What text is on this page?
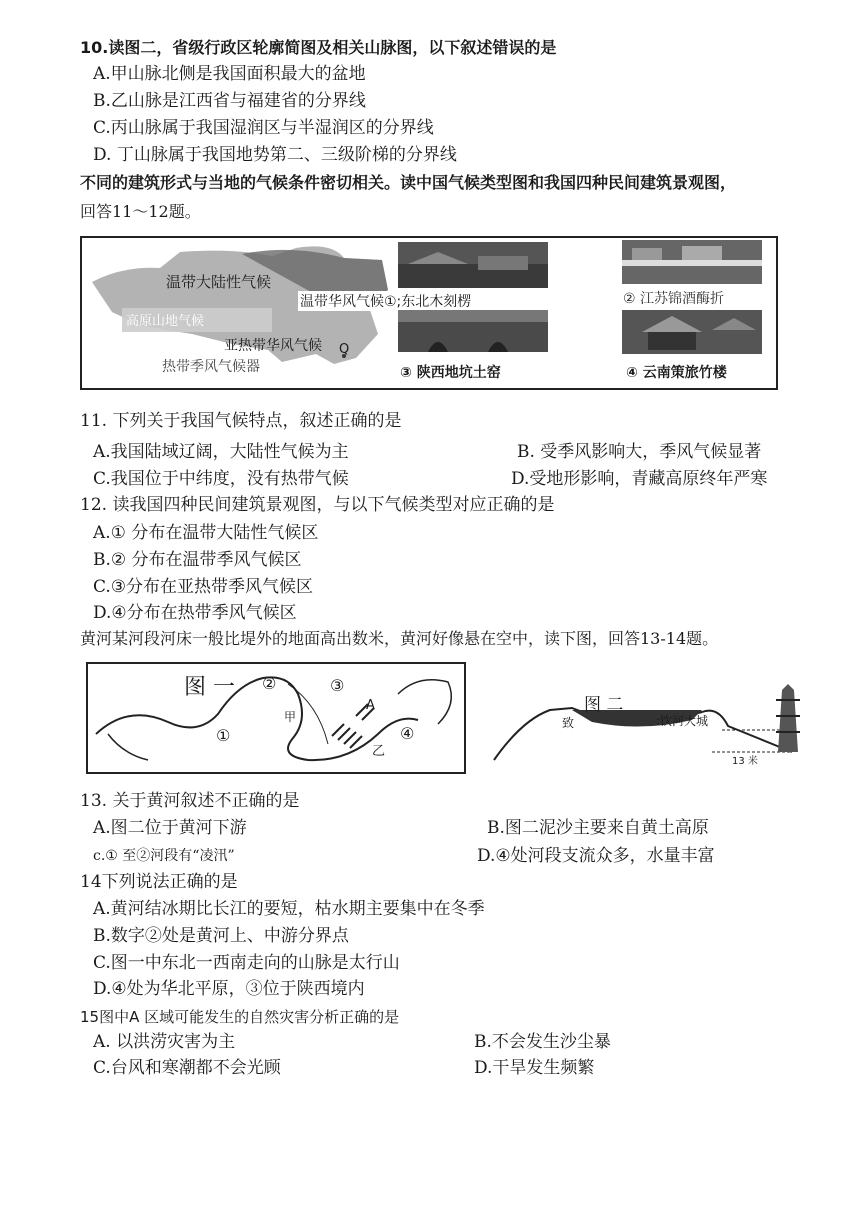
10.读图二，省级行政区轮廓简图及相关山脉图，以下叙述错误的是
A.甲山脉北侧是我国面积最大的盆地
B.乙山脉是江西省与福建省的分界线
C.丙山脉属于我国湿润区与半湿润区的分界线
D. 丁山脉属于我国地势第二、三级阶梯的分界线
不同的建筑形式与当地的气候条件密切相关。读中国气候类型图和我国四种民间建筑景观图，
回答11～12题。
温带大陆性气候
温带华风气候①;东北木刻楞
高原山地气候
亚热带华风气候 Q
热带季风气候器
② 江苏锦酒酶折
③ 陕西地坑土窑	④ 云南策旅竹楼
11. 下列关于我国气候特点，叙述正确的是
A.我国陆域辽阔，大陆性气候为主	B. 受季风影响大，季风气候显著
C.我国位于中纬度，没有热带气候	D.受地形影响，青藏高原终年严寒
12. 读我国四种民间建筑景观图，与以下气候类型对应正确的是
A.① 分布在温带大陆性气候区
B.② 分布在温带季风气候区
C.③分布在亚热带季风气候区
D.④分布在热带季风气候区
黄河某河段河床一般比堤外的地面高出数米，黄河好像悬在空中，读下图，回答13-14题。
图 一 ②	③
甲
A
①
乙
④
图 二
致	:饮河大城
13 米
13. 关于黄河叙述不正确的是
A.图二位于黄河下游	B.图二泥沙主要来自黄土高原
c.① 至②河段有“凌汛”	D.④处河段支流众多，水量丰富
14下列说法正确的是
A.黄河结冰期比长江的要短，枯水期主要集中在冬季
B.数字②处是黄河上、中游分界点
C.图一中东北一西南走向的山脉是太行山
D.④处为华北平原，③位于陕西境内
15图中A 区域可能发生的自然灾害分析正确的是
A. 以洪涝灾害为主	B.不会发生沙尘暴
C.台风和寒潮都不会光顾	D.干旱发生频繁
